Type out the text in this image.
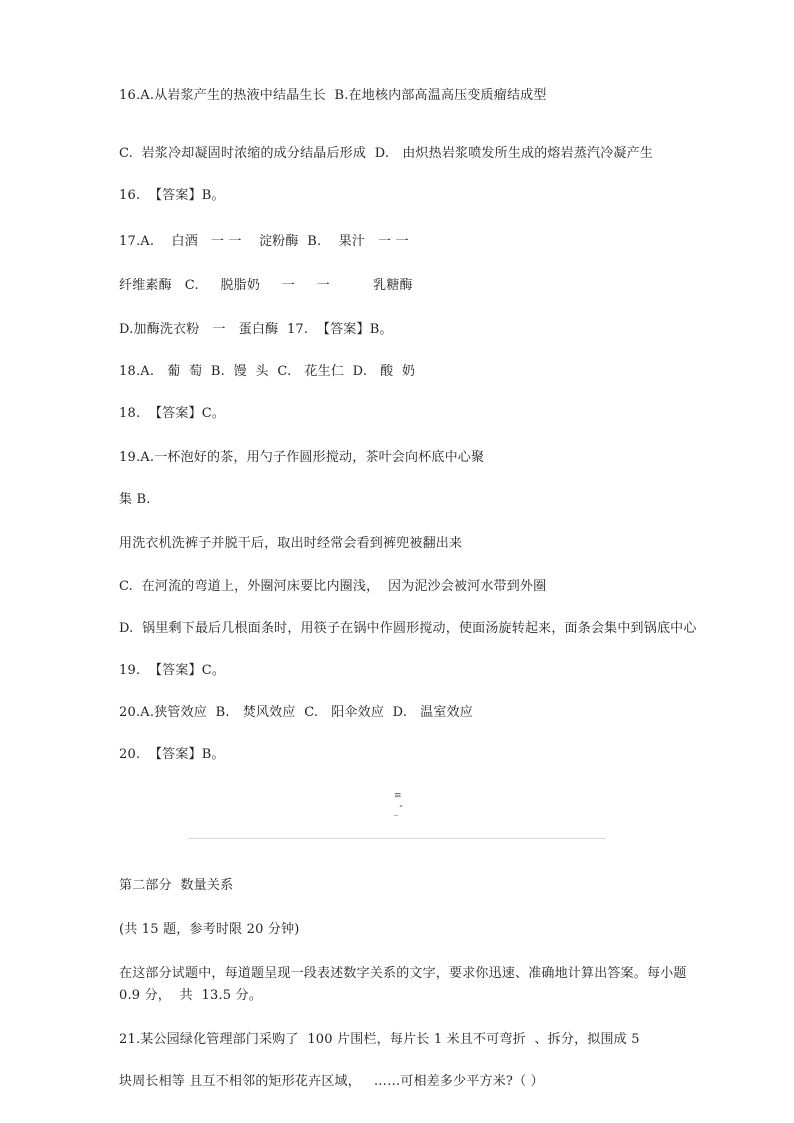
16.A.从岩浆产生的热液中结晶生长  B.在地核内部高温高压变质瘤结成型
C.  岩浆冷却凝固时浓缩的成分结晶后形成  D.   由炽热岩浆喷发所生成的熔岩蒸汽冷凝产生
16.  【答案】B。
17.A.    白酒   一 一    淀粉酶  B.    果汁   一 一
纤维素酶   C.     脱脂奶     一     一          乳糖酶
D.加酶洗衣粉   一   蛋白酶  17.  【答案】B。
18.A.   葡  萄  B.  馒  头  C.   花生仁  D.   酸  奶
18.  【答案】C。
19.A.一杯泡好的茶，用勺子作圆形搅动，茶叶会向杯底中心聚
集 B.
用洗衣机洗裤子并脱干后，取出时经常会看到裤兜被翻出来
C.  在河流的弯道上，外圈河床要比内圈浅，  因为泥沙会被河水带到外圈
D.  锅里剩下最后几根面条时，用筷子在锅中作圆形搅动，使面汤旋转起来，面条会集中到锅底中心
19.  【答案】C。
20.A.狭管效应  B.   焚风效应  C.   阳伞效应  D.   温室效应
20.  【答案】B。
≡
_˝
第二部分  数量关系
(共 15 题，参考时限 20 分钟)
在这部分试题中，每道题呈现一段表述数字关系的文字，要求你迅速、准确地计算出答案。每小题
0.9 分，  共  13.5 分。
21.某公园绿化管理部门采购了  100 片围栏，每片长 1 米且不可弯折  、拆分，拟围成 5
块周长相等 且互不相邻的矩形花卉区域，   ……可相差多少平方米?（ ）
